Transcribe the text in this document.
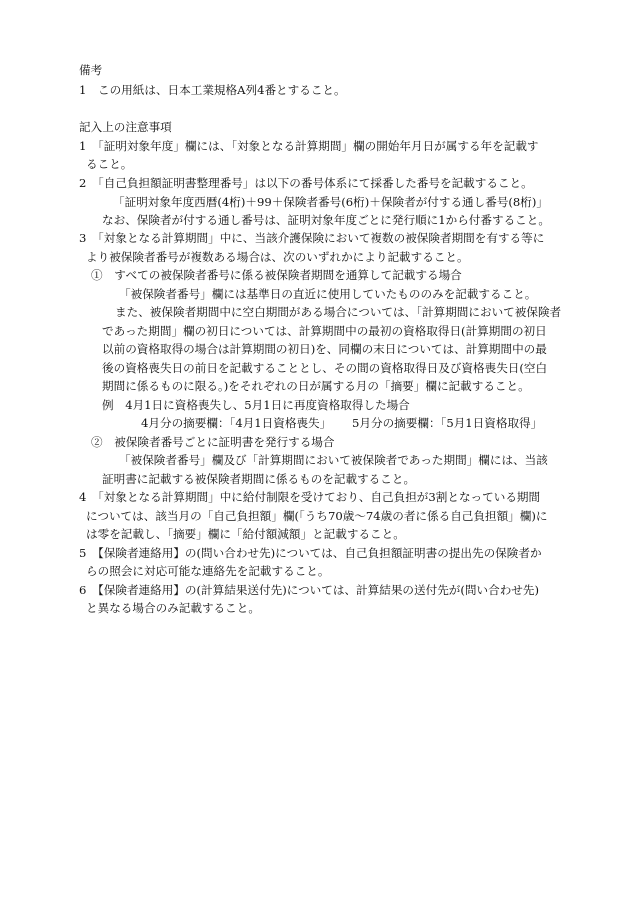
備考
1　この用紙は、日本工業規格A列4番とすること。
記入上の注意事項
1　「証明対象年度」欄には、「対象となる計算期間」欄の開始年月日が属する年を記載す
ること。
2　「自己負担額証明書整理番号」は以下の番号体系にて採番した番号を記載すること。
「証明対象年度西暦(4桁)＋99＋保険者番号(6桁)＋保険者が付する通し番号(8桁)」
なお、保険者が付する通し番号は、証明対象年度ごとに発行順に1から付番すること。
3　「対象となる計算期間」中に、当該介護保険において複数の被保険者期間を有する等に
より被保険者番号が複数ある場合は、次のいずれかにより記載すること。
①　すべての被保険者番号に係る被保険者期間を通算して記載する場合
「被保険者番号」欄には基準日の直近に使用していたもののみを記載すること。
また、被保険者期間中に空白期間がある場合については、「計算期間において被保険者
であった期間」欄の初日については、計算期間中の最初の資格取得日(計算期間の初日
以前の資格取得の場合は計算期間の初日)を、同欄の末日については、計算期間中の最
後の資格喪失日の前日を記載することとし、その間の資格取得日及び資格喪失日(空白
期間に係るものに限る。)をそれぞれの日が属する月の「摘要」欄に記載すること。
例　4月1日に資格喪失し、5月1日に再度資格取得した場合
4月分の摘要欄：「4月1日資格喪失」 5月分の摘要欄：「5月1日資格取得」
②　被保険者番号ごとに証明書を発行する場合
「被保険者番号」欄及び「計算期間において被保険者であった期間」欄には、当該
証明書に記載する被保険者期間に係るものを記載すること。
4　「対象となる計算期間」中に給付制限を受けており、自己負担が3割となっている期間
については、該当月の「自己負担額」欄(「うち70歳～74歳の者に係る自己負担額」欄)に
は零を記載し、「摘要」欄に「給付額減額」と記載すること。
5　【保険者連絡用】の(問い合わせ先)については、自己負担額証明書の提出先の保険者か
らの照会に対応可能な連絡先を記載すること。
6　【保険者連絡用】の(計算結果送付先)については、計算結果の送付先が(問い合わせ先)
と異なる場合のみ記載すること。
